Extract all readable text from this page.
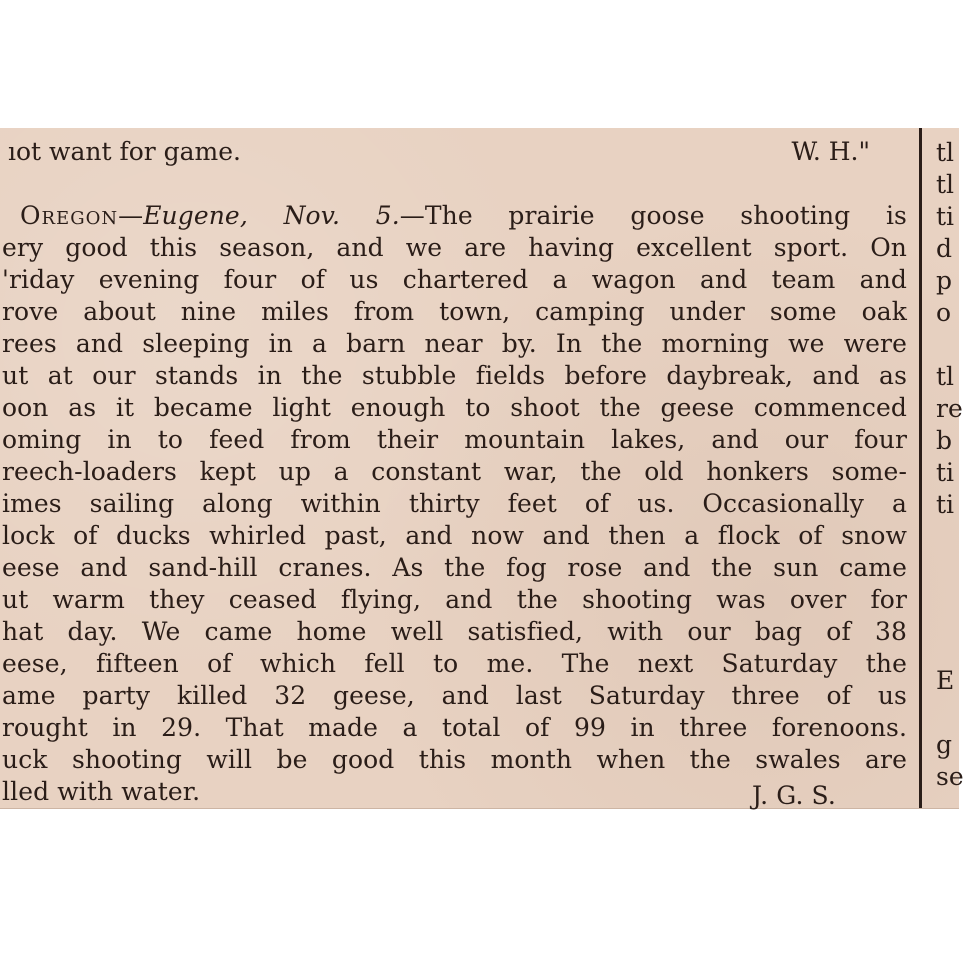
ıot want for game.	W. H."
Oregon—Eugene, Nov. 5.—The prairie goose shooting is
ery good this season, and we are having excellent sport. On
'riday evening four of us chartered a wagon and team and
rove about nine miles from town, camping under some oak
rees and sleeping in a barn near by. In the morning we were
ut at our stands in the stubble fields before daybreak, and as
oon as it became light enough to shoot the geese commenced
oming in to feed from their mountain lakes, and our four
reech-loaders kept up a constant war, the old honkers some-
imes sailing along within thirty feet of us. Occasionally a
lock of ducks whirled past, and now and then a flock of snow
eese and sand-hill cranes. As the fog rose and the sun came
ut warm they ceased flying, and the shooting was over for
hat day. We came home well satisfied, with our bag of 38
eese, fifteen of which fell to me. The next Saturday the
ame party killed 32 geese, and last Saturday three of us
rought in 29. That made a total of 99 in three forenoons.
uck shooting will be good this month when the swales are
lled with water.	J. G. S.
tl
tl
ti
d
p
o
tl
re
b
ti
ti
E
g
se
